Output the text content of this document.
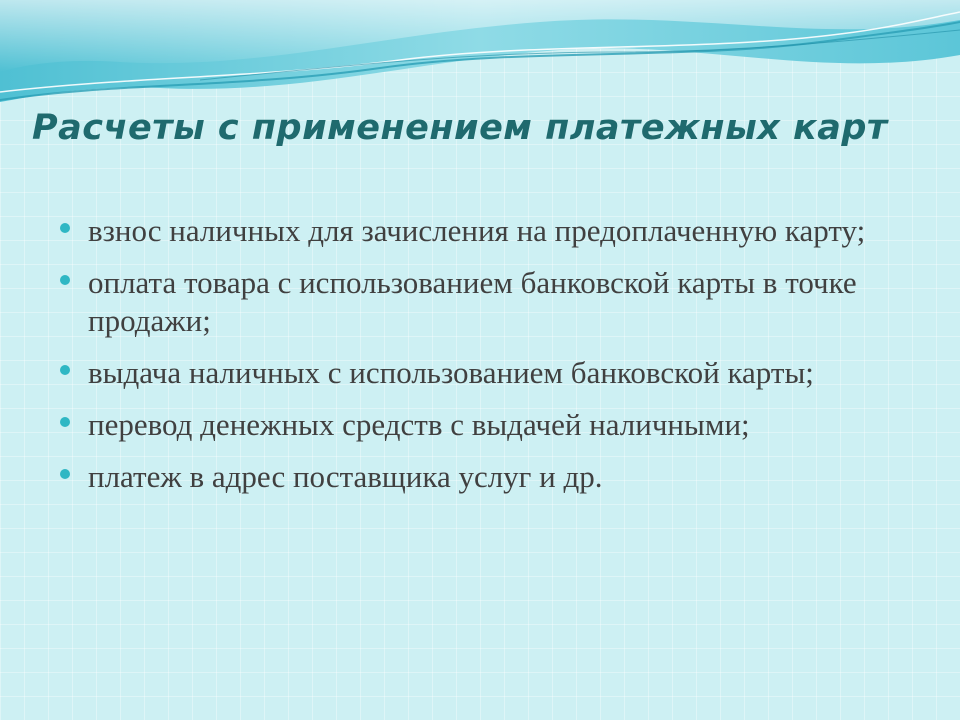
Расчеты с применением платежных карт
взнос наличных для зачисления на предоплаченную карту;
оплата товара с использованием банковской карты в точке продажи;
выдача наличных с использованием банковской карты;
перевод денежных средств с выдачей наличными;
платеж в адрес поставщика услуг и др.
